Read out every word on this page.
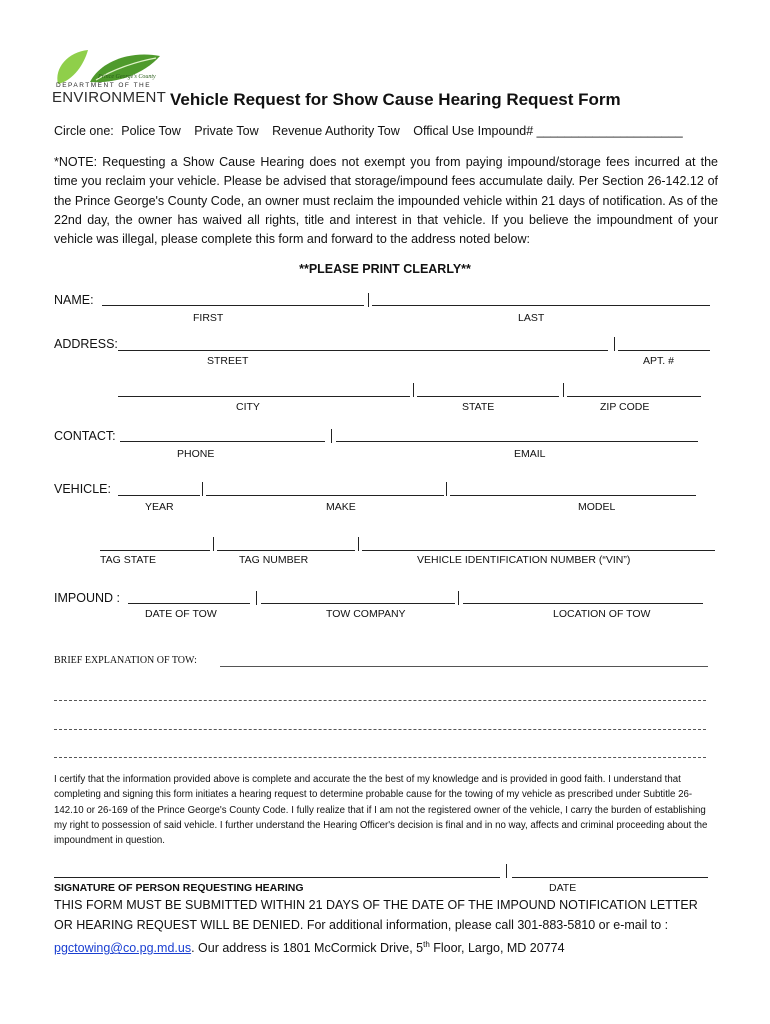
Prince George's County
DEPARTMENT OF THE
ENVIRONMENT Vehicle Request for Show Cause Hearing Request Form
Circle one: Police Tow Private Tow Revenue Authority Tow Offical Use Impound# _____________________

*NOTE: Requesting a Show Cause Hearing does not exempt you from paying impound/storage fees incurred at the time you reclaim your vehicle. Please be advised that storage/impound fees accumulate daily. Per Section 26-142.12 of the Prince George's County Code, an owner must reclaim the impounded vehicle within 21 days of notification. As of the 22nd day, the owner has waived all rights, title and interest in that vehicle. If you believe the impoundment of your vehicle was illegal, please complete this form and forward to the address noted below:

**PLEASE PRINT CLEARLY**
NAME:
FIRST	LAST
ADDRESS:
STREET	APT. #
CITY	STATE	ZIP CODE
CONTACT:
PHONE	EMAIL
VEHICLE:
YEAR	MAKE	MODEL
TAG STATE	TAG NUMBER	VEHICLE IDENTIFICATION NUMBER (“VIN”)
IMPOUND :
DATE OF TOW	TOW COMPANY	LOCATION OF TOW
BRIEF EXPLANATION OF TOW:
I certify that the information provided above is complete and accurate the the best of my knowledge and is provided in good faith. I understand that completing and signing this form initiates a hearing request to determine probable cause for the towing of my vehicle as prescribed under Subtitle 26-142.10 or 26-169 of the Prince George's County Code. I fully realize that if I am not the registered owner of the vehicle, I carry the burden of establishing my right to possession of said vehicle. I further understand the Hearing Officer's decision is final and in no way, affects and criminal proceeding about the impoundment in question.
SIGNATURE OF PERSON REQUESTING HEARING	DATE
THIS FORM MUST BE SUBMITTED WITHIN 21 DAYS OF THE DATE OF THE IMPOUND NOTIFICATION LETTER
OR HEARING REQUEST WILL BE DENIED. For additional information, please call 301-883-5810 or e-mail to :
pgctowing@co.pg.md.us. Our address is 1801 McCormick Drive, 5th Floor, Largo, MD 20774
